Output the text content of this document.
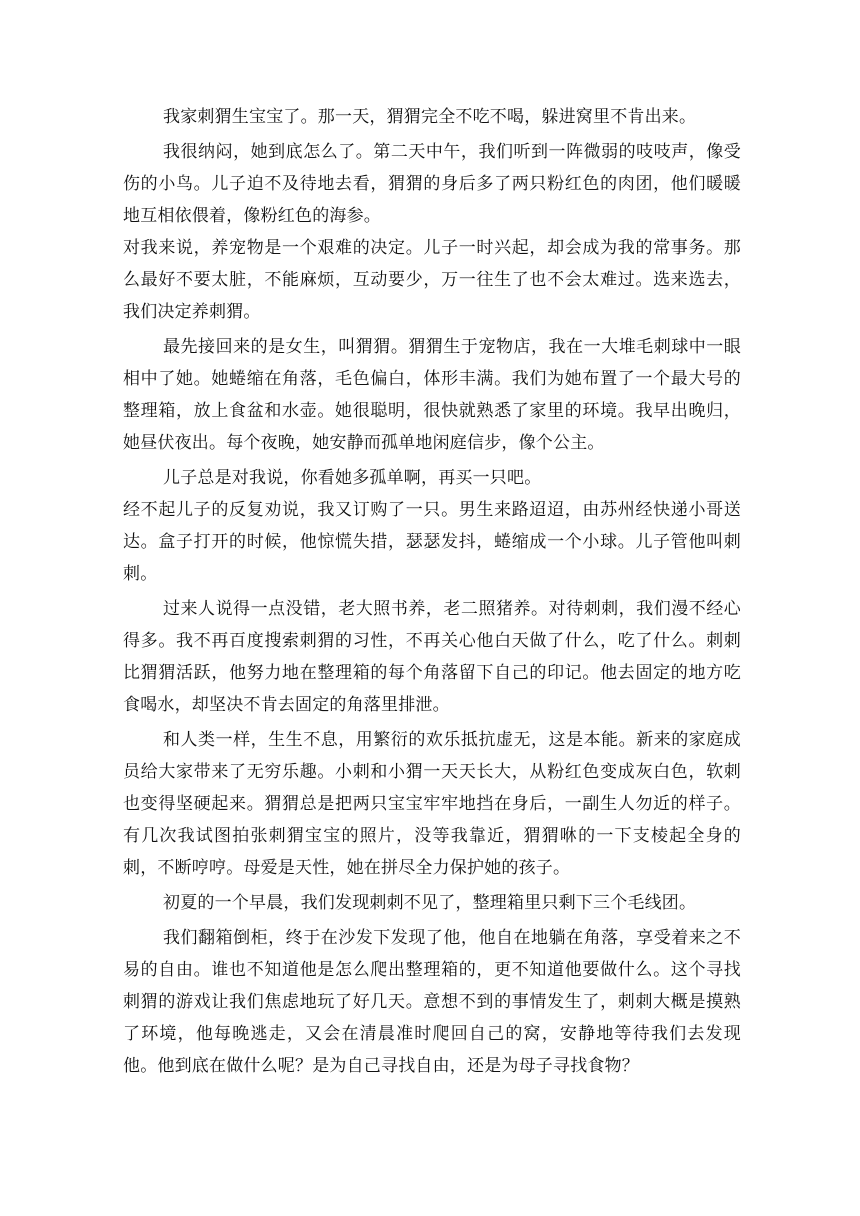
我家刺猬生宝宝了。那一天，猬猬完全不吃不喝，躲进窝里不肯出来。

我很纳闷，她到底怎么了。第二天中午，我们听到一阵微弱的吱吱声，像受伤的小鸟。儿子迫不及待地去看，猬猬的身后多了两只粉红色的肉团，他们暖暖地互相依偎着，像粉红色的海参。

对我来说，养宠物是一个艰难的决定。儿子一时兴起，却会成为我的常事务。那么最好不要太脏，不能麻烦，互动要少，万一往生了也不会太难过。选来选去，我们决定养刺猬。

最先接回来的是女生，叫猬猬。猬猬生于宠物店，我在一大堆毛刺球中一眼相中了她。她蜷缩在角落，毛色偏白，体形丰满。我们为她布置了一个最大号的整理箱，放上食盆和水壶。她很聪明，很快就熟悉了家里的环境。我早出晚归，她昼伏夜出。每个夜晚，她安静而孤单地闲庭信步，像个公主。

儿子总是对我说，你看她多孤单啊，再买一只吧。

经不起儿子的反复劝说，我又订购了一只。男生来路迢迢，由苏州经快递小哥送达。盒子打开的时候，他惊慌失措，瑟瑟发抖，蜷缩成一个小球。儿子管他叫刺刺。

过来人说得一点没错，老大照书养，老二照猪养。对待刺刺，我们漫不经心得多。我不再百度搜索刺猬的习性，不再关心他白天做了什么，吃了什么。刺刺比猬猬活跃，他努力地在整理箱的每个角落留下自己的印记。他去固定的地方吃食喝水，却坚决不肯去固定的角落里排泄。

和人类一样，生生不息，用繁衍的欢乐抵抗虚无，这是本能。新来的家庭成员给大家带来了无穷乐趣。小刺和小猬一天天长大，从粉红色变成灰白色，软刺也变得坚硬起来。猬猬总是把两只宝宝牢牢地挡在身后，一副生人勿近的样子。有几次我试图拍张刺猬宝宝的照片，没等我靠近，猬猬咻的一下支棱起全身的刺，不断哼哼。母爱是天性，她在拼尽全力保护她的孩子。

初夏的一个早晨，我们发现刺刺不见了，整理箱里只剩下三个毛线团。

我们翻箱倒柜，终于在沙发下发现了他，他自在地躺在角落，享受着来之不易的自由。谁也不知道他是怎么爬出整理箱的，更不知道他要做什么。这个寻找刺猬的游戏让我们焦虑地玩了好几天。意想不到的事情发生了，刺刺大概是摸熟了环境，他每晚逃走，又会在清晨准时爬回自己的窝，安静地等待我们去发现他。他到底在做什么呢？是为自己寻找自由，还是为母子寻找食物？
